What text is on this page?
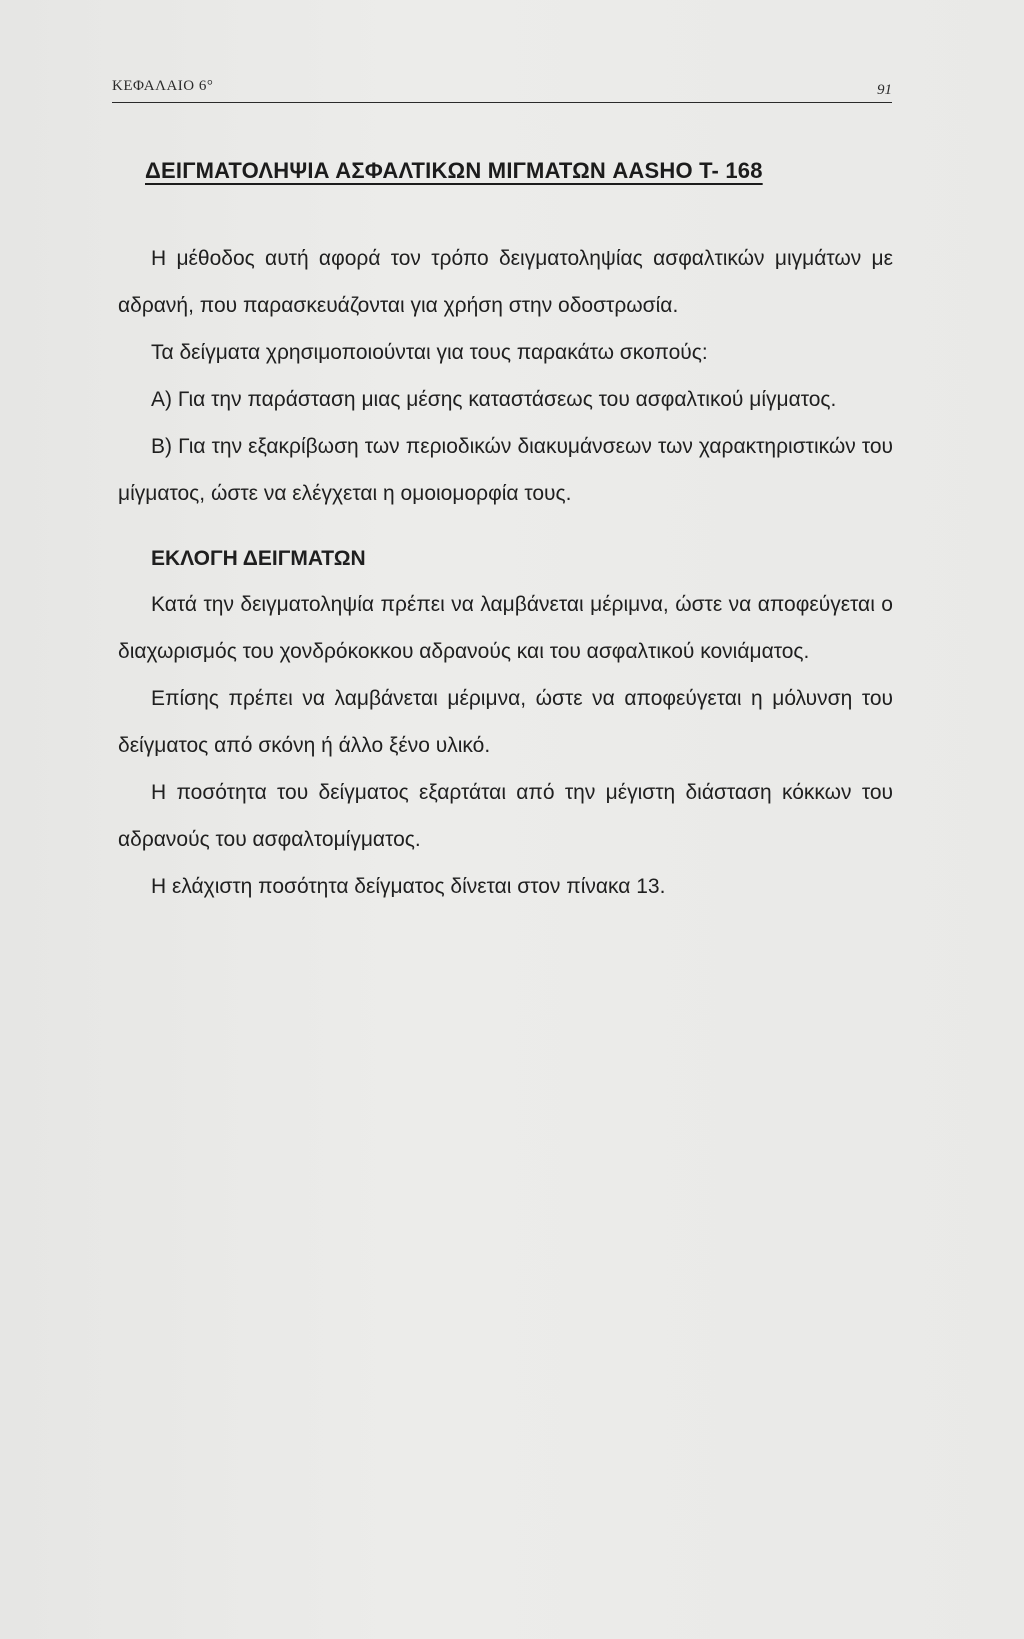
ΚΕΦΑΛΑΙΟ 6°	91
ΔΕΙΓΜΑΤΟΛΗΨΙΑ ΑΣΦΑΛΤΙΚΩΝ ΜΙΓΜΑΤΩΝ AASHO T- 168

Η μέθοδος αυτή αφορά τον τρόπο δειγματοληψίας ασφαλτικών μιγμάτων με αδρανή, που παρασκευάζονται για χρήση στην οδοστρωσία.

Τα δείγματα χρησιμοποιούνται για τους παρακάτω σκοπούς:

Α) Για την παράσταση μιας μέσης καταστάσεως του ασφαλτικού μίγματος.

Β) Για την εξακρίβωση των περιοδικών διακυμάνσεων των χαρακτηριστικών του μίγματος, ώστε να ελέγχεται η ομοιομορφία τους.

ΕΚΛΟΓΗ ΔΕΙΓΜΑΤΩΝ

Κατά την δειγματοληψία πρέπει να λαμβάνεται μέριμνα, ώστε να αποφεύγεται ο διαχωρισμός του χονδρόκοκκου αδρανούς και του ασφαλτικού κονιάματος.

Επίσης πρέπει να λαμβάνεται μέριμνα, ώστε να αποφεύγεται η μόλυνση του δείγματος από σκόνη ή άλλο ξένο υλικό.

Η ποσότητα του δείγματος εξαρτάται από την μέγιστη διάσταση κόκκων του αδρανούς του ασφαλτομίγματος.

Η ελάχιστη ποσότητα δείγματος δίνεται στον πίνακα 13.
